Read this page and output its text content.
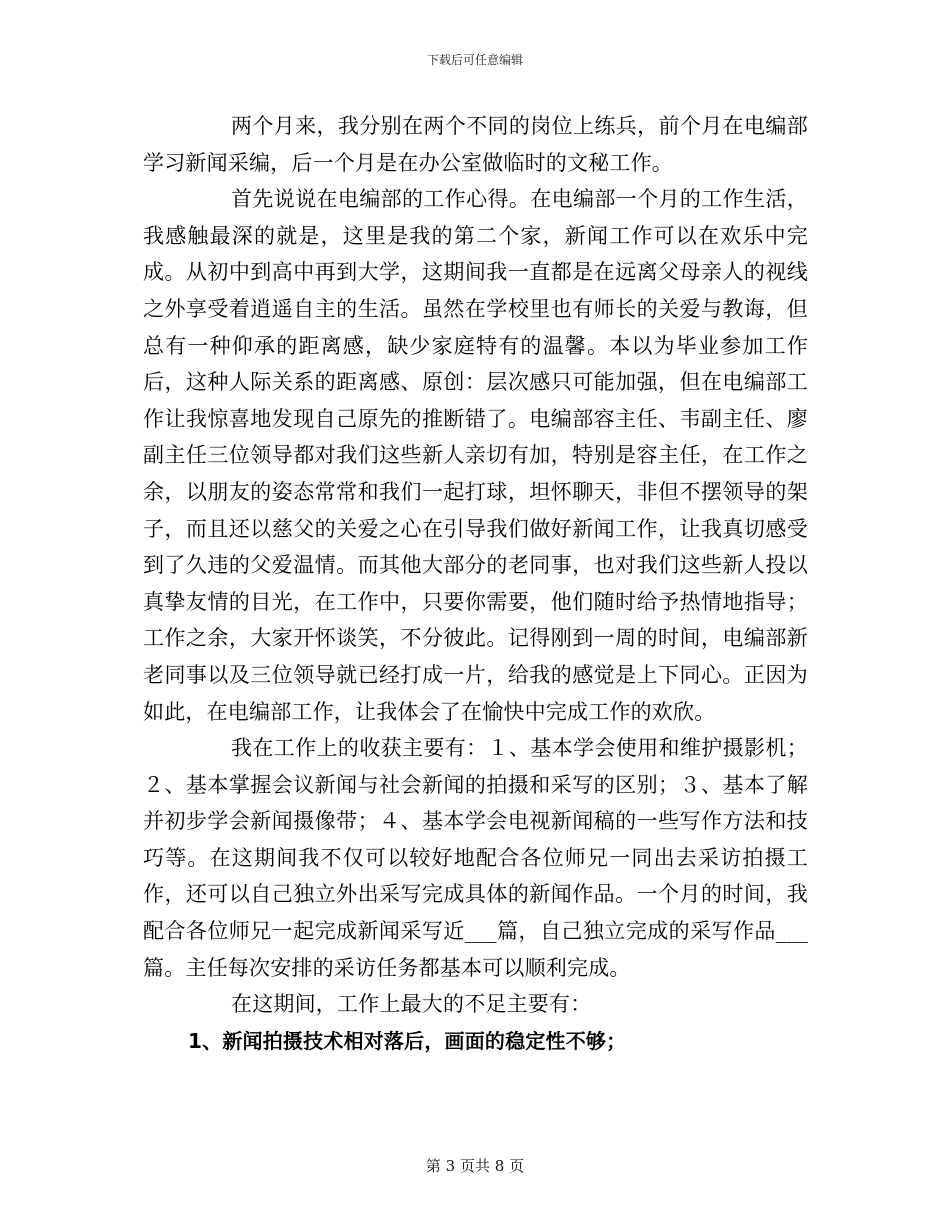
下载后可任意编辑

两个月来，我分别在两个不同的岗位上练兵，前个月在电编部学习新闻采编，后一个月是在办公室做临时的文秘工作。

首先说说在电编部的工作心得。在电编部一个月的工作生活，我感触最深的就是，这里是我的第二个家，新闻工作可以在欢乐中完成。从初中到高中再到大学，这期间我一直都是在远离父母亲人的视线之外享受着逍遥自主的生活。虽然在学校里也有师长的关爱与教诲，但总有一种仰承的距离感，缺少家庭特有的温馨。本以为毕业参加工作后，这种人际关系的距离感、原创：层次感只可能加强，但在电编部工作让我惊喜地发现自己原先的推断错了。电编部容主任、韦副主任、廖副主任三位领导都对我们这些新人亲切有加，特别是容主任，在工作之余，以朋友的姿态常常和我们一起打球，坦怀聊天，非但不摆领导的架子，而且还以慈父的关爱之心在引导我们做好新闻工作，让我真切感受到了久违的父爱温情。而其他大部分的老同事，也对我们这些新人投以真挚友情的目光，在工作中，只要你需要，他们随时给予热情地指导；工作之余，大家开怀谈笑，不分彼此。记得刚到一周的时间，电编部新老同事以及三位领导就已经打成一片，给我的感觉是上下同心。正因为如此，在电编部工作，让我体会了在愉快中完成工作的欢欣。

我在工作上的收获主要有：１、基本学会使用和维护摄影机；２、基本掌握会议新闻与社会新闻的拍摄和采写的区别；３、基本了解并初步学会新闻摄像带；４、基本学会电视新闻稿的一些写作方法和技巧等。在这期间我不仅可以较好地配合各位师兄一同出去采访拍摄工作，还可以自己独立外出采写完成具体的新闻作品。一个月的时间，我配合各位师兄一起完成新闻采写近___篇，自己独立完成的采写作品___篇。主任每次安排的采访任务都基本可以顺利完成。

在这期间，工作上最大的不足主要有：

1、新闻拍摄技术相对落后，画面的稳定性不够；

第 3 页共 8 页
